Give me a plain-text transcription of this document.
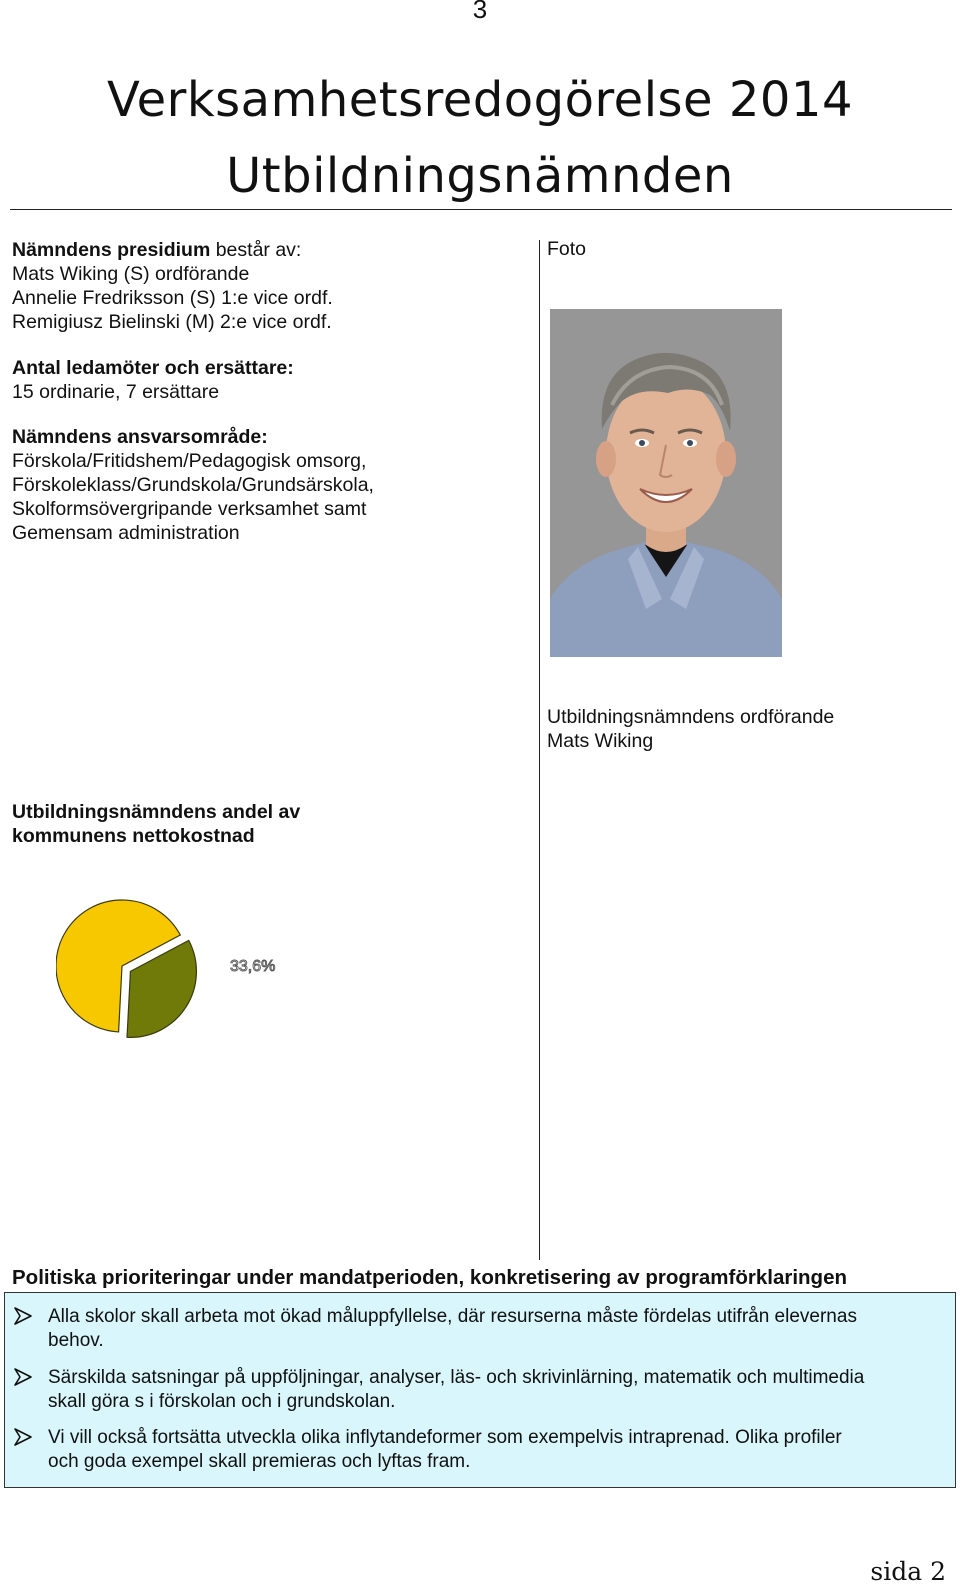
3
Verksamhetsredogörelse 2014
Utbildningsnämnden

Nämndens presidium består av:

Mats Wiking (S) ordförande

Annelie Fredriksson (S) 1:e vice ordf.

Remigiusz Bielinski (M) 2:e vice ordf.

Antal ledamöter och ersättare:

15 ordinarie, 7 ersättare

Nämndens ansvarsområde:

Förskola/Fritidshem/Pedagogisk omsorg,

Förskoleklass/Grundskola/Grundsärskola,

Skolformsövergripande verksamhet samt

Gemensam administration

Foto

Utbildningsnämndens ordförande

Mats Wiking

Utbildningsnämndens andel av
kommunens nettokostnad
33,6%
Politiska prioriteringar under mandatperioden, konkretisering av programförklaringen
Alla skolor skall arbeta mot ökad måluppfyllelse, där resurserna måste fördelas utifrån elevernas
behov.
Särskilda satsningar på uppföljningar, analyser, läs- och skrivinlärning, matematik och multimedia
skall göra s i förskolan och i grundskolan.
Vi vill också fortsätta utveckla olika inflytandeformer som exempelvis intraprenad. Olika profiler
och goda exempel skall premieras och lyftas fram.
sida 2
